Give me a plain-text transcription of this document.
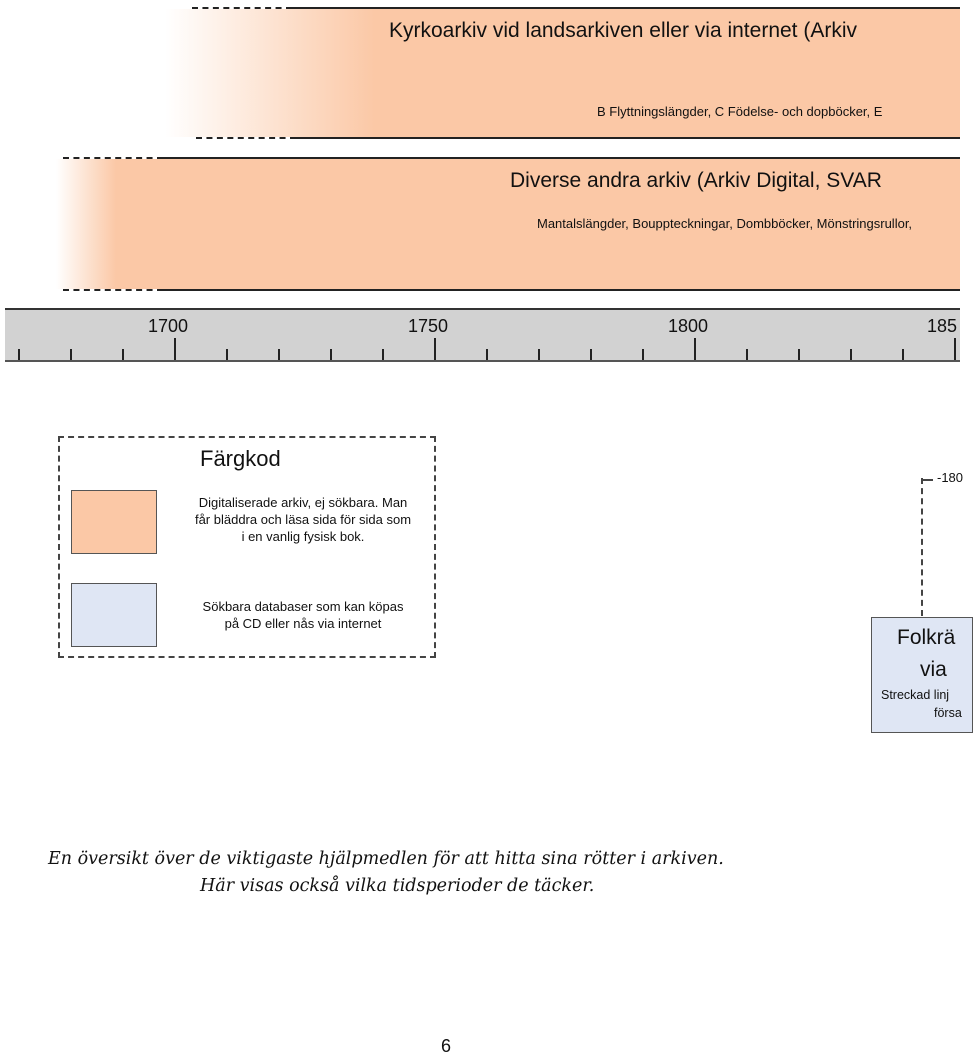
Kyrkoarkiv vid landsarkiven eller via internet (Arkiv
B Flyttningslängder, C Födelse- och dopböcker, E
Diverse andra arkiv (Arkiv Digital, SVAR
Mantalslängder, Bouppteckningar, Dombböcker, Mönstringsrullor,
1700	1750	1800	185
Färgkod
Digitaliserade arkiv, ej sökbara. Man
får bläddra och läsa sida för sida som
i en vanlig fysisk bok.
Sökbara databaser som kan köpas
på CD eller nås via internet
-180
Folkrä
via
Streckad linj
försa
En översikt över de viktigaste hjälpmedlen för att hitta sina rötter i arkiven.
Här visas också vilka tidsperioder de täcker.
6
